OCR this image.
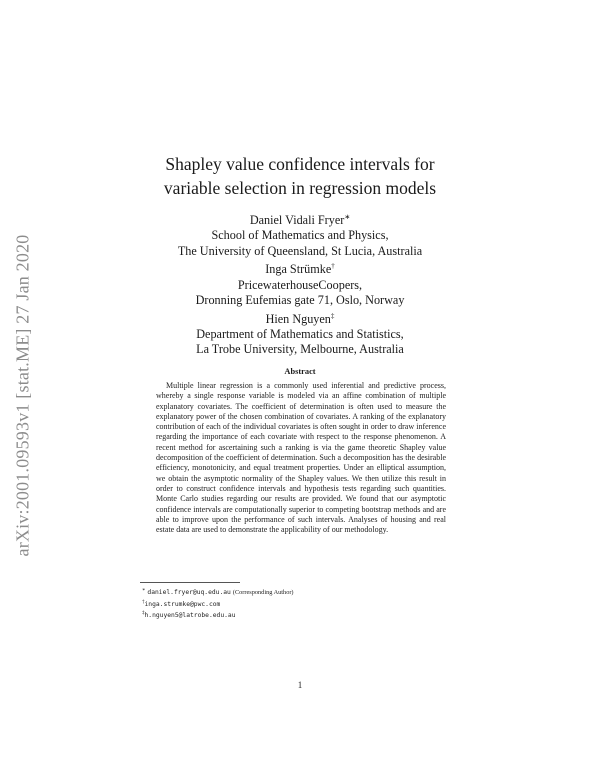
arXiv:2001.09593v1 [stat.ME] 27 Jan 2020
Shapley value confidence intervals for
variable selection in regression models
Daniel Vidali Fryer∗
School of Mathematics and Physics,
The University of Queensland, St Lucia, Australia
Inga Strümke†
PricewaterhouseCoopers,
Dronning Eufemias gate 71, Oslo, Norway
Hien Nguyen‡
Department of Mathematics and Statistics,
La Trobe University, Melbourne, Australia
Abstract

Multiple linear regression is a commonly used inferential and predictive process, whereby a single response variable is modeled via an affine combination of multiple explanatory covariates. The coefficient of determination is often used to measure the explanatory power of the chosen combination of covariates. A ranking of the explanatory contribution of each of the individual covariates is often sought in order to draw inference regarding the importance of each covariate with respect to the response phenomenon. A recent method for ascertaining such a ranking is via the game theoretic Shapley value decomposition of the coefficient of determination. Such a decomposition has the desirable efficiency, monotonicity, and equal treatment properties. Under an elliptical assumption, we obtain the asymptotic normality of the Shapley values. We then utilize this result in order to construct confidence intervals and hypothesis tests regarding such quantities. Monte Carlo studies regarding our results are provided. We found that our asymptotic confidence intervals are computationally superior to competing bootstrap methods and are able to improve upon the performance of such intervals. Analyses of housing and real estate data are used to demonstrate the applicability of our methodology.

∗ daniel.fryer@uq.edu.au (Corresponding Author)
†inga.strumke@pwc.com
‡h.nguyen5@latrobe.edu.au
1
